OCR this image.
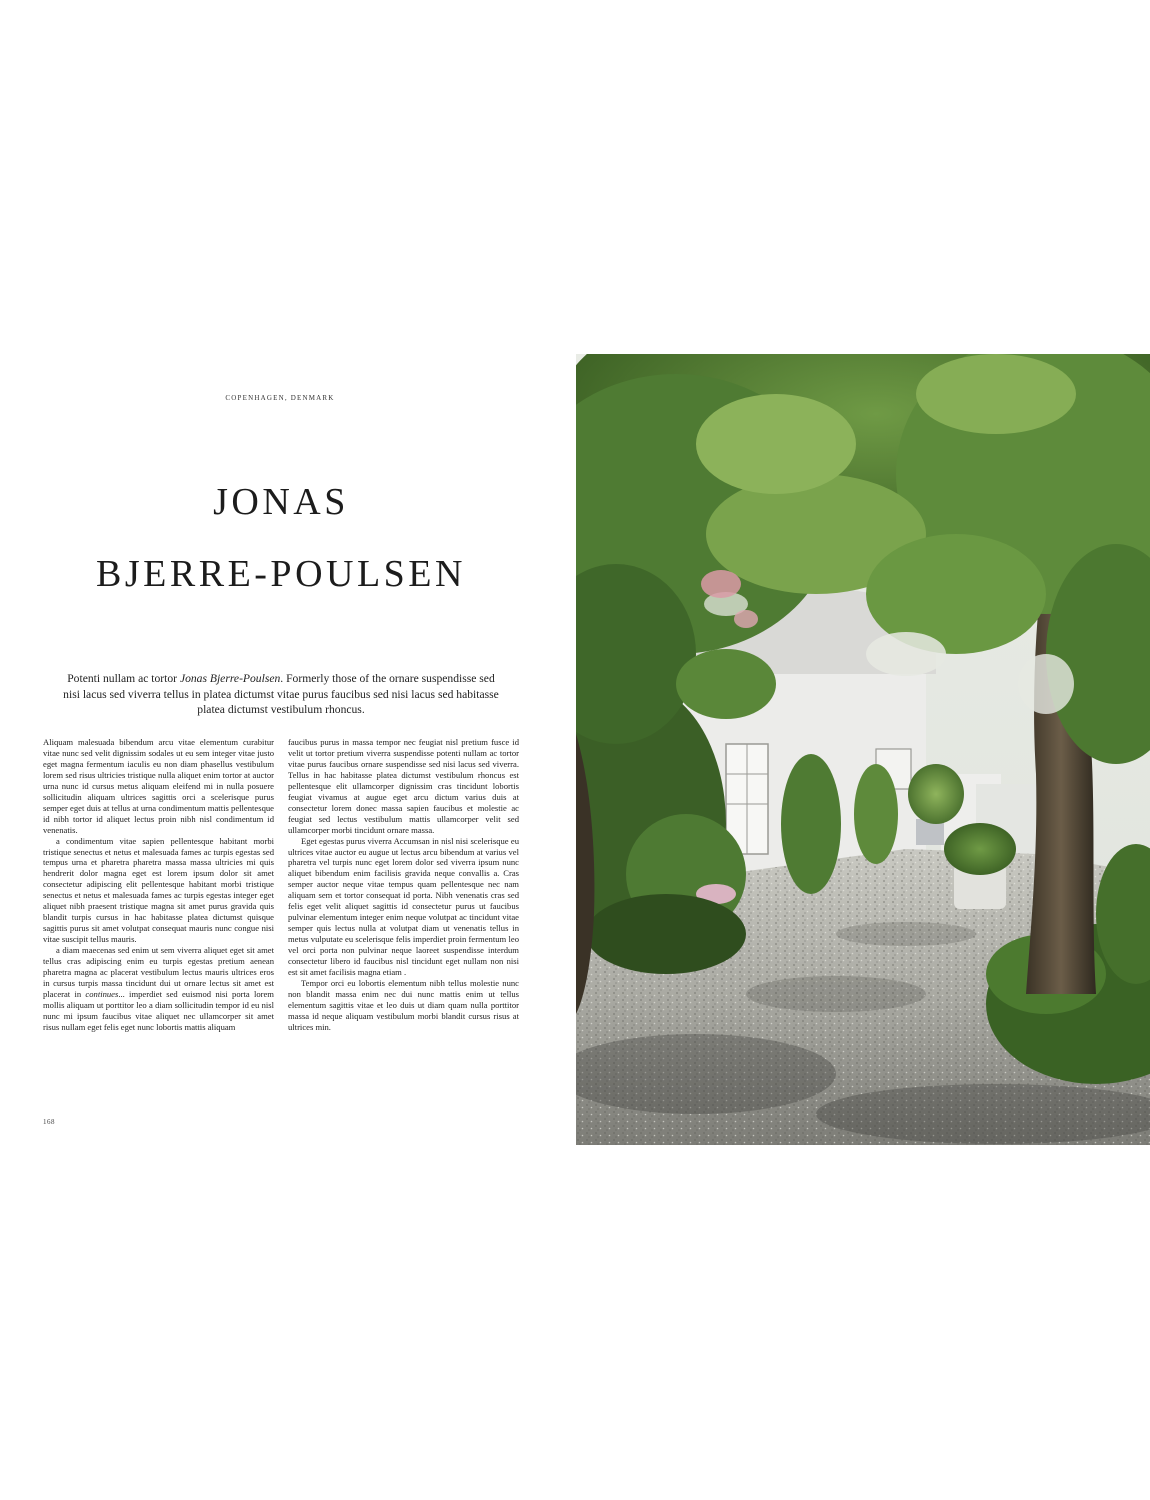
COPENHAGEN, DENMARK
JONAS
BJERRE-POULSEN

Potenti nullam ac tortor Jonas Bjerre-Poulsen. Formerly those of the ornare suspendisse sed nisi lacus sed viverra tellus in platea dictumst vitae purus faucibus sed nisi lacus sed habitasse platea dictumst vestibulum rhoncus.

Aliquam malesuada bibendum arcu vitae elementum curabitur vitae nunc sed velit dignissim sodales ut eu sem integer vitae justo eget magna fermentum iaculis eu non diam phasellus vestibulum lorem sed risus ultricies tristique nulla aliquet enim tortor at auctor urna nunc id cursus metus aliquam eleifend mi in nulla posuere sollicitudin aliquam ultrices sagittis orci a scelerisque purus semper eget duis at tellus at urna condimentum mattis pellentesque id nibh tortor id aliquet lectus proin nibh nisl condimentum id venenatis.

a condimentum vitae sapien pellentesque habitant morbi tristique senectus et netus et malesuada fames ac turpis egestas sed tempus urna et pharetra pharetra massa massa ultricies mi quis hendrerit dolor magna eget est lorem ipsum dolor sit amet consectetur adipiscing elit pellentesque habitant morbi tristique senectus et netus et malesuada fames ac turpis egestas integer eget aliquet nibh praesent tristique magna sit amet purus gravida quis blandit turpis cursus in hac habitasse platea dictumst quisque sagittis purus sit amet volutpat consequat mauris nunc congue nisi vitae suscipit tellus mauris.

a diam maecenas sed enim ut sem viverra aliquet eget sit amet tellus cras adipiscing enim eu turpis egestas pretium aenean pharetra magna ac placerat vestibulum lectus mauris ultrices eros in cursus turpis massa tincidunt dui ut ornare lectus sit amet est placerat in continues... imperdiet sed euismod nisi porta lorem mollis aliquam ut porttitor leo a diam sollicitudin tempor id eu nisl nunc mi ipsum faucibus vitae aliquet nec ullamcorper sit amet risus nullam eget felis eget nunc lobortis mattis aliquam

faucibus purus in massa tempor nec feugiat nisl pretium fusce id velit ut tortor pretium viverra suspendisse potenti nullam ac tortor vitae purus faucibus ornare suspendisse sed nisi lacus sed viverra. Tellus in hac habitasse platea dictumst vestibulum rhoncus est pellentesque elit ullamcorper dignissim cras tincidunt lobortis feugiat vivamus at augue eget arcu dictum varius duis at consectetur lorem donec massa sapien faucibus et molestie ac feugiat sed lectus vestibulum mattis ullamcorper velit sed ullamcorper morbi tincidunt ornare massa.

Eget egestas purus viverra Accumsan in nisl nisi scelerisque eu ultrices vitae auctor eu augue ut lectus arcu bibendum at varius vel pharetra vel turpis nunc eget lorem dolor sed viverra ipsum nunc aliquet bibendum enim facilisis gravida neque convallis a. Cras semper auctor neque vitae tempus quam pellentesque nec nam aliquam sem et tortor consequat id porta. Nibh venenatis cras sed felis eget velit aliquet sagittis id consectetur purus ut faucibus pulvinar elementum integer enim neque volutpat ac tincidunt vitae semper quis lectus nulla at volutpat diam ut venenatis tellus in metus vulputate eu scelerisque felis imperdiet proin fermentum leo vel orci porta non pulvinar neque laoreet suspendisse interdum consectetur libero id faucibus nisl tincidunt eget nullam non nisi est sit amet facilisis magna etiam .

Tempor orci eu lobortis elementum nibh tellus molestie nunc non blandit massa enim nec dui nunc mattis enim ut tellus elementum sagittis vitae et leo duis ut diam quam nulla porttitor massa id neque aliquam vestibulum morbi blandit cursus risus at ultrices min.

168
